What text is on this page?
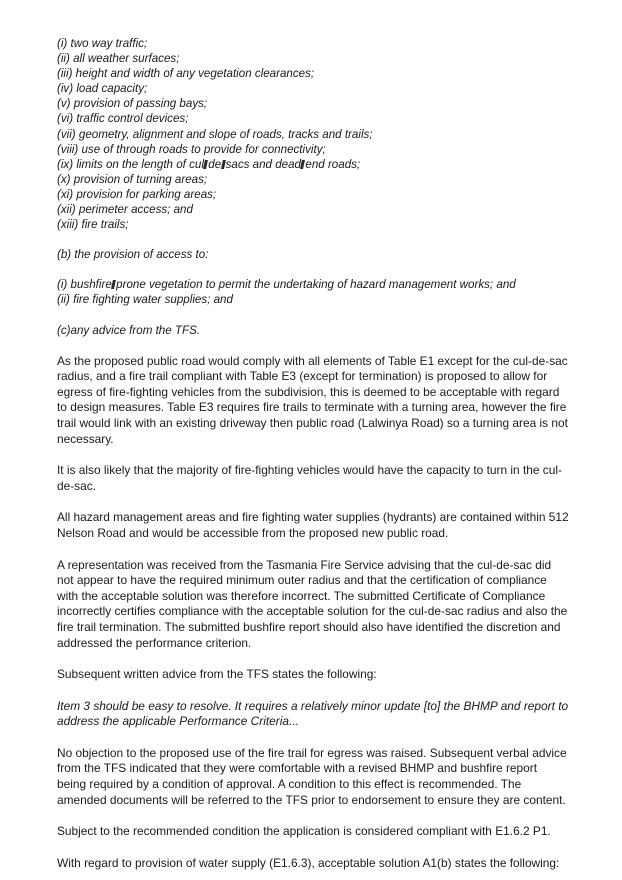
(i) two way traffic;
(ii) all weather surfaces;
(iii) height and width of any vegetation clearances;
(iv) load capacity;
(v) provision of passing bays;
(vi) traffic control devices;
(vii) geometry, alignment and slope of roads, tracks and trails;
(viii) use of through roads to provide for connectivity;
(ix) limits on the length of cul de sacs and dead end roads;
(x) provision of turning areas;
(xi) provision for parking areas;
(xii) perimeter access; and
(xiii) fire trails;

(b) the provision of access to:

(i) bushfire prone vegetation to permit the undertaking of hazard management works; and

(ii) fire fighting water supplies; and

(c)any advice from the TFS.

As the proposed public road would comply with all elements of Table E1 except for the cul-de-sac radius, and a fire trail compliant with Table E3 (except for termination) is proposed to allow for egress of fire-fighting vehicles from the subdivision, this is deemed to be acceptable with regard to design measures. Table E3 requires fire trails to terminate with a turning area, however the fire trail would link with an existing driveway then public road (Lalwinya Road) so a turning area is not necessary.

It is also likely that the majority of fire-fighting vehicles would have the capacity to turn in the cul-de-sac.

All hazard management areas and fire fighting water supplies (hydrants) are contained within 512 Nelson Road and would be accessible from the proposed new public road.

A representation was received from the Tasmania Fire Service advising that the cul-de-sac did not appear to have the required minimum outer radius and that the certification of compliance with the acceptable solution was therefore incorrect. The submitted Certificate of Compliance incorrectly certifies compliance with the acceptable solution for the cul-de-sac radius and also the fire trail termination. The submitted bushfire report should also have identified the discretion and addressed the performance criterion.

Subsequent written advice from the TFS states the following:

Item 3 should be easy to resolve. It requires a relatively minor update [to] the BHMP and report to address the applicable Performance Criteria...

No objection to the proposed use of the fire trail for egress was raised. Subsequent verbal advice from the TFS indicated that they were comfortable with a revised BHMP and bushfire report being required by a condition of approval. A condition to this effect is recommended. The amended documents will be referred to the TFS prior to endorsement to ensure they are content.

Subject to the recommended condition the application is considered compliant with E1.6.2 P1.

With regard to provision of water supply (E1.6.3), acceptable solution A1(b) states the following:
